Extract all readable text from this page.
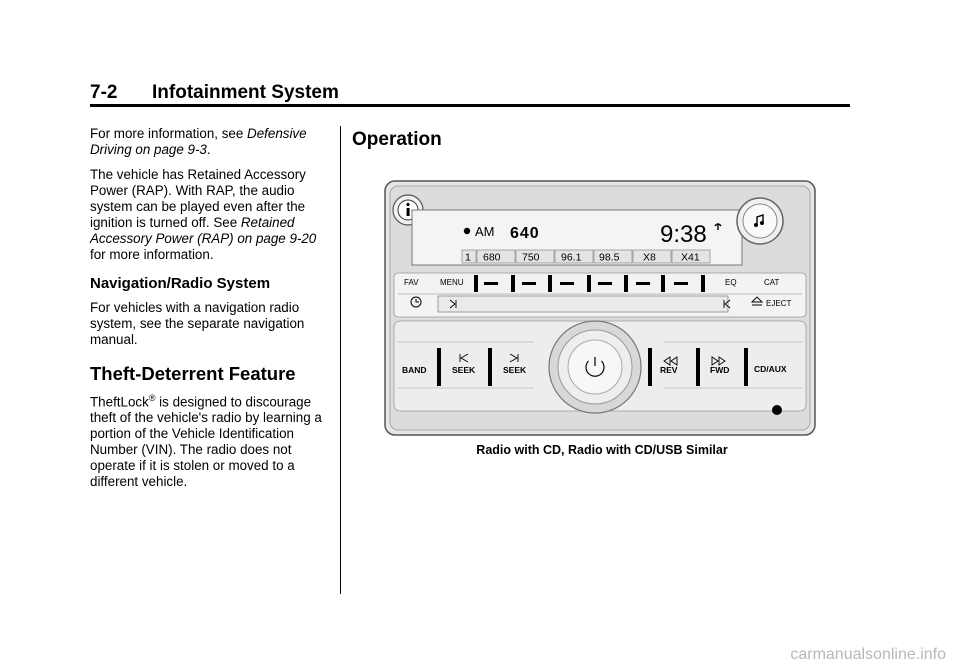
7-2 Infotainment System

For more information, see Defensive Driving on page 9-3.

The vehicle has Retained Accessory Power (RAP). With RAP, the audio system can be played even after the ignition is turned off. See Retained Accessory Power (RAP) on page 9-20 for more information.

Navigation/Radio System

For vehicles with a navigation radio system, see the separate navigation manual.

Theft-Deterrent Feature

TheftLock® is designed to discourage theft of the vehicle's radio by learning a portion of the Vehicle Identification Number (VIN). The radio does not operate if it is stolen or moved to a different vehicle.

Operation
AM 640	9:38
1 680 750 96.1 98.5 X8 X41
FAV	MENU	EQ	CAT
EJECT
BAND	SEEK	SEEK	REV	FWD	CD/AUX
Radio with CD, Radio with CD/USB Similar
carmanualsonline.info
